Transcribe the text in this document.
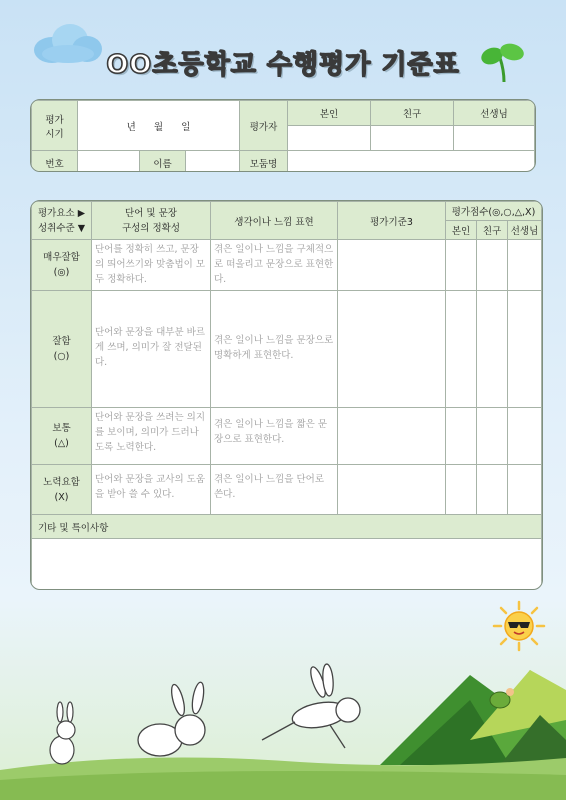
OO초등학교 수행평가 기준표
평가
시기	년      월      일			평가자	본인	친구	선생님

번호		이름		모둠명			
평가요소 ▶
성취수준 ▼	단어 및 문장
구성의 정확성	생각이나 느낌 표현	평가기준3	평가점수(◎,○,△,X)		
				본인	친구	선생님
매우잘함
(◎)	단어를 정확히 쓰고, 문장의 띄어쓰기와 맞춤법이 모두 정확하다.	겪은 일이나 느낌을 구체적으로 떠올리고 문장으로 표현한다.				
잘함
(○)	단어와 문장을 대부분 바르게 쓰며, 의미가 잘 전달된다.	겪은 일이나 느낌을 문장으로 명확하게 표현한다.				
보통
(△)	단어와 문장을 쓰려는 의지를 보이며, 의미가 드러나도록 노력한다.	겪은 일이나 느낌을 짧은 문장으로 표현한다.				
노력요함
(X)	단어와 문장을 교사의 도움을 받아 쓸 수 있다.	겪은 일이나 느낌을 단어로 쓴다.				
기타 및 특이사항						
